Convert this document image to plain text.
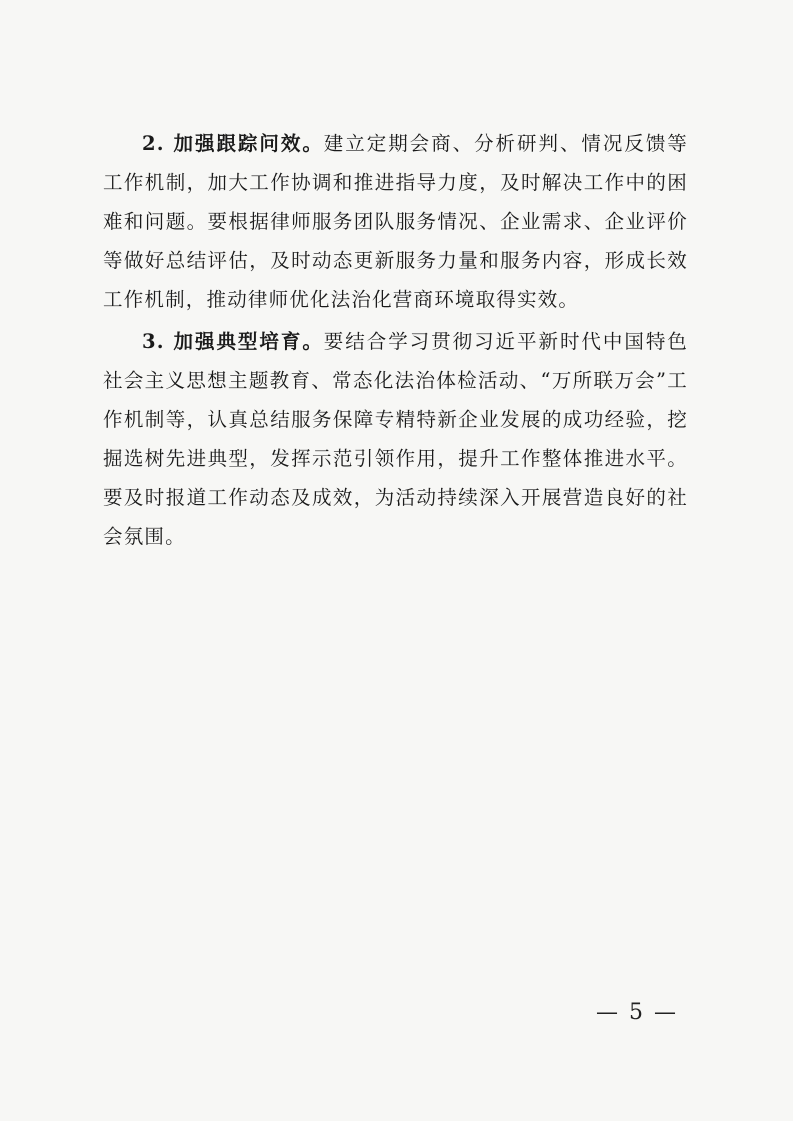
2. 加强跟踪问效。建立定期会商、分析研判、情况反馈等工作机制，加大工作协调和推进指导力度，及时解决工作中的困难和问题。要根据律师服务团队服务情况、企业需求、企业评价等做好总结评估，及时动态更新服务力量和服务内容，形成长效工作机制，推动律师优化法治化营商环境取得实效。

3. 加强典型培育。要结合学习贯彻习近平新时代中国特色社会主义思想主题教育、常态化法治体检活动、“万所联万会”工作机制等，认真总结服务保障专精特新企业发展的成功经验，挖掘选树先进典型，发挥示范引领作用，提升工作整体推进水平。要及时报道工作动态及成效，为活动持续深入开展营造良好的社会氛围。

— 5 —
